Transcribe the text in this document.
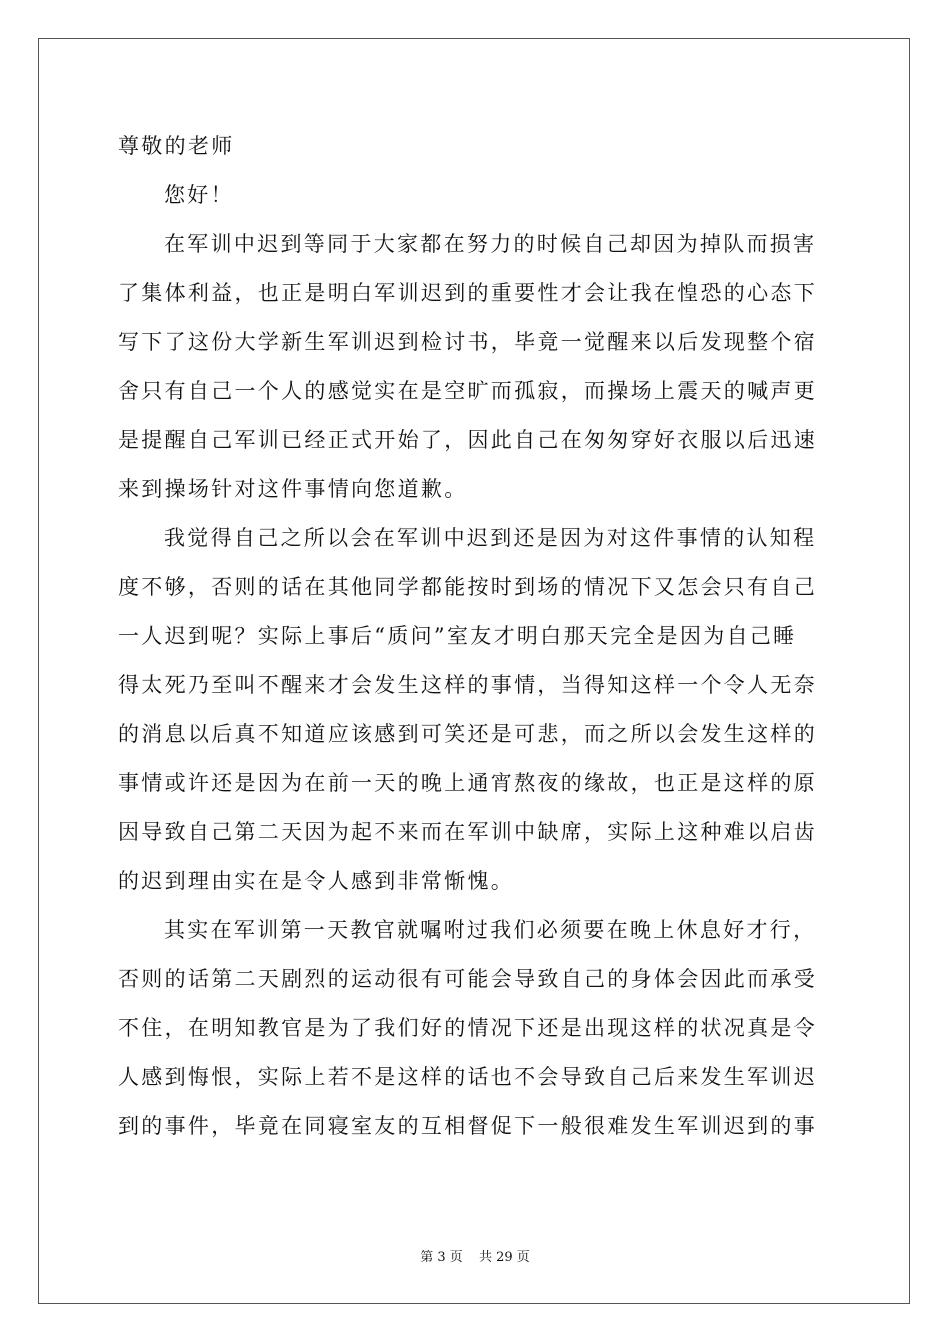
尊敬的老师
您好！
在军训中迟到等同于大家都在努力的时候自己却因为掉队而损害
了集体利益，也正是明白军训迟到的重要性才会让我在惶恐的心态下
写下了这份大学新生军训迟到检讨书，毕竟一觉醒来以后发现整个宿
舍只有自己一个人的感觉实在是空旷而孤寂，而操场上震天的喊声更
是提醒自己军训已经正式开始了，因此自己在匆匆穿好衣服以后迅速
来到操场针对这件事情向您道歉。
我觉得自己之所以会在军训中迟到还是因为对这件事情的认知程
度不够，否则的话在其他同学都能按时到场的情况下又怎会只有自己
一人迟到呢？实际上事后“质问”室友才明白那天完全是因为自己睡
得太死乃至叫不醒来才会发生这样的事情，当得知这样一个令人无奈
的消息以后真不知道应该感到可笑还是可悲，而之所以会发生这样的
事情或许还是因为在前一天的晚上通宵熬夜的缘故，也正是这样的原
因导致自己第二天因为起不来而在军训中缺席，实际上这种难以启齿
的迟到理由实在是令人感到非常惭愧。
其实在军训第一天教官就嘱咐过我们必须要在晚上休息好才行，
否则的话第二天剧烈的运动很有可能会导致自己的身体会因此而承受
不住，在明知教官是为了我们好的情况下还是出现这样的状况真是令
人感到悔恨，实际上若不是这样的话也不会导致自己后来发生军训迟
到的事件，毕竟在同寝室友的互相督促下一般很难发生军训迟到的事
第 3 页 共 29 页
